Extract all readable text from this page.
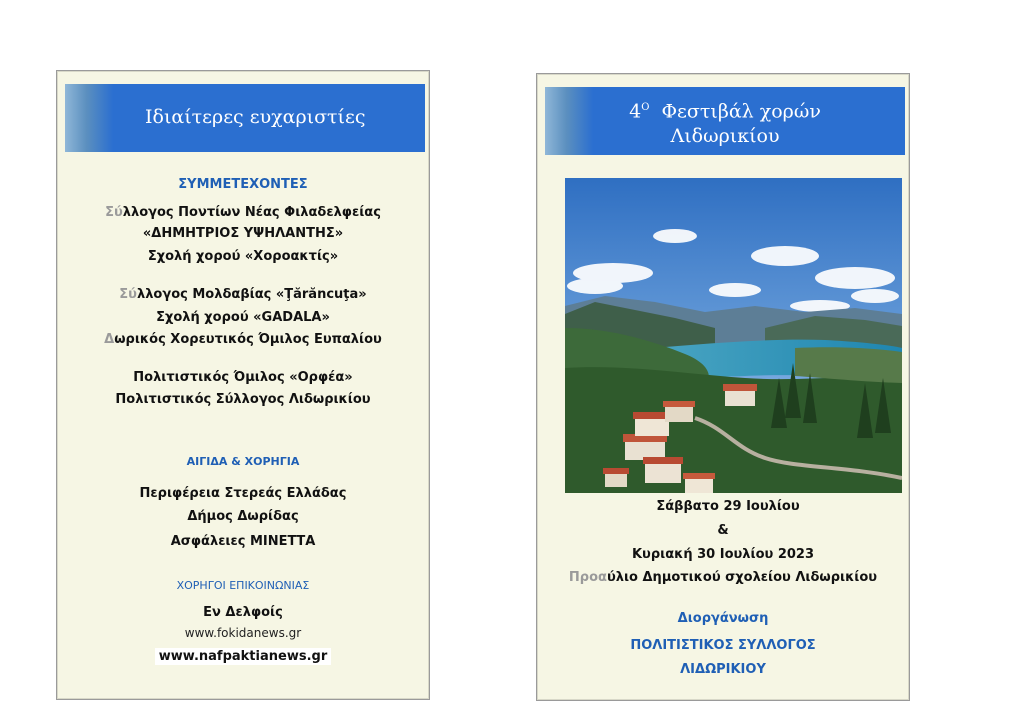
Ιδιαίτερες ευχαριστίες
ΣΥΜΜΕΤΕΧΟΝΤΕΣ
Σύλλογος Ποντίων Νέας Φιλαδελφείας
«ΔΗΜΗΤΡΙΟΣ ΥΨΗΛΑΝΤΗΣ»
Σχολή χορού «Χοροακτίς»
Σύλλογος Μολδαβίας «Ţărăncuţa»
Σχολή χορού «GADALA»
Δωρικός Χορευτικός Όμιλος Ευπαλίου
Πολιτιστικός Όμιλος «Ορφέα»
Πολιτιστικός Σύλλογος Λιδωρικίου
ΑΙΓΙΔΑ & ΧΟΡΗΓΙΑ
Περιφέρεια Στερεάς Ελλάδας
Δήμος Δωρίδας
Ασφάλειες ΜΙΝΕΤΤΑ
ΧΟΡΗΓΟΙ ΕΠΙΚΟΙΝΩΝΙΑΣ
Εν Δελφοίς
www.fokidanews.gr
www.nafpaktianews.gr
$4^O$ Φεστιβάλ χορών
Λιδωρικίου
Σάββατο 29 Ιουλίου
&
Κυριακή 30 Ιουλίου 2023
Προαύλιο Δημοτικού σχολείου Λιδωρικίου
Διοργάνωση
ΠΟΛΙΤΙΣΤΙΚΟΣ ΣΥΛΛΟΓΟΣ
ΛΙΔΩΡΙΚΙΟΥ
